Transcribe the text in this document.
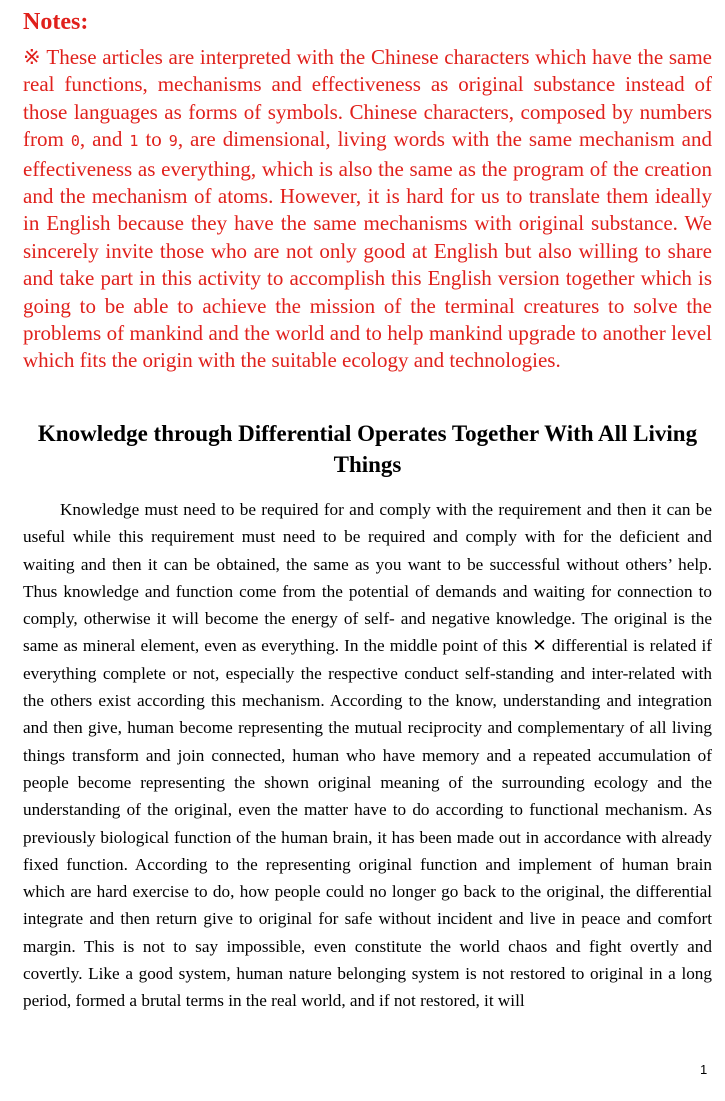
Notes:

※ These articles are interpreted with the Chinese characters which have the same real functions, mechanisms and effectiveness as original substance instead of those languages as forms of symbols. Chinese characters, composed by numbers from 0, and 1 to 9, are dimensional, living words with the same mechanism and effectiveness as everything, which is also the same as the program of the creation and the mechanism of atoms. However, it is hard for us to translate them ideally in English because they have the same mechanisms with original substance. We sincerely invite those who are not only good at English but also willing to share and take part in this activity to accomplish this English version together which is going to be able to achieve the mission of the terminal creatures to solve the problems of mankind and the world and to help mankind upgrade to another level which fits the origin with the suitable ecology and technologies.

Knowledge through Differential Operates Together With All Living Things

Knowledge must need to be required for and comply with the requirement and then it can be useful while this requirement must need to be required and comply with for the deficient and waiting and then it can be obtained, the same as you want to be successful without others’ help. Thus knowledge and function come from the potential of demands and waiting for connection to comply, otherwise it will become the energy of self- and negative knowledge. The original is the same as mineral element, even as everything. In the middle point of this ✕ differential is related if everything complete or not, especially the respective conduct self-standing and inter-related with the others exist according this mechanism. According to the know, understanding and integration and then give, human become representing the mutual reciprocity and complementary of all living things transform and join connected, human who have memory and a repeated accumulation of people become representing the shown original meaning of the surrounding ecology and the understanding of the original, even the matter have to do according to functional mechanism. As previously biological function of the human brain, it has been made out in accordance with already fixed function. According to the representing original function and implement of human brain which are hard exercise to do, how people could no longer go back to the original, the differential integrate and then return give to original for safe without incident and live in peace and comfort margin. This is not to say impossible, even constitute the world chaos and fight overtly and covertly. Like a good system, human nature belonging system is not restored to original in a long period, formed a brutal terms in the real world, and if not restored, it will

1
